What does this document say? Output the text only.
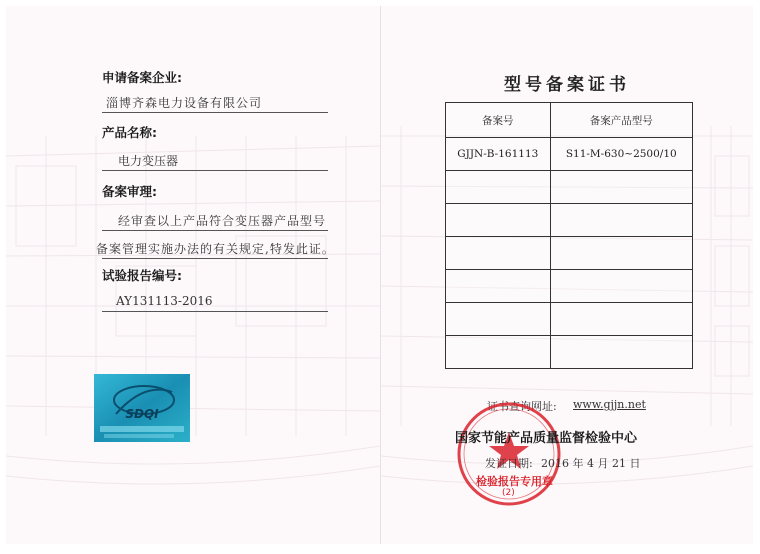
申请备案企业:
淄博齐森电力设备有限公司
产品名称:
电力变压器
备案审理:
经审查以上产品符合变压器产品型号
备案管理实施办法的有关规定,特发此证。
试验报告编号:
AY131113-2016
SDQI
型号备案证书
备案号	备案产品型号
GJJN-B-161113	S11-M-630~2500/10

证书查询网址: www.gjjn.net
国家节能产品质量监督检验中心
发证日期: 2016 年 4 月 21 日
检验报告专用章
(2)
